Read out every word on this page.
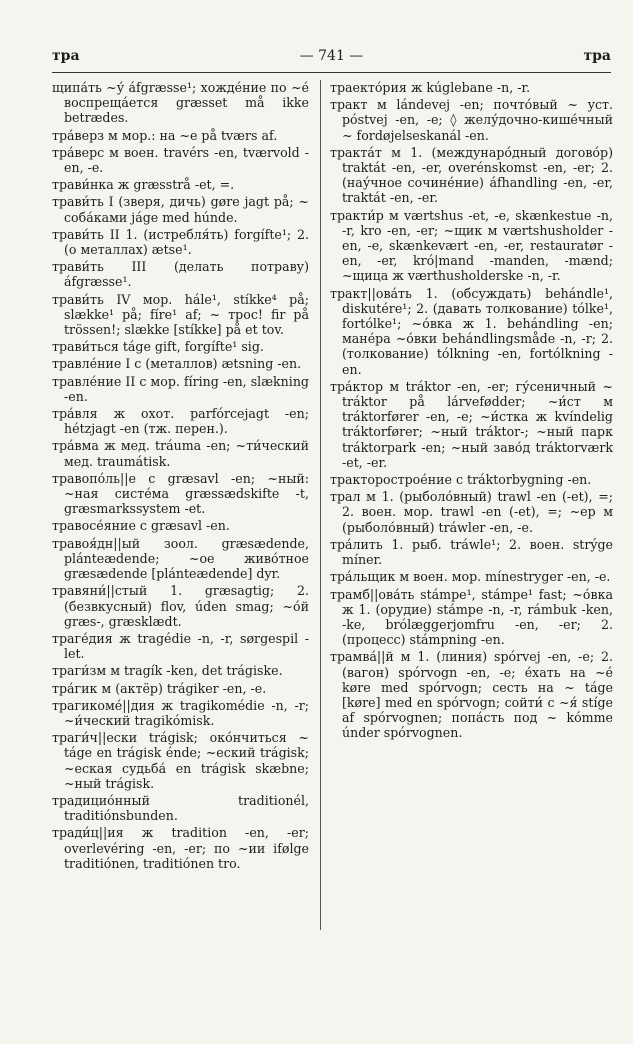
тра	— 741 —	тра

щипа́ть ~у́ áfgræsse¹; хожде́ние по ~е́ воспреща́ется græsset må ikke betrædes.

тра́верз м мор.: на ~е på tværs af.

тра́верс м воен. travérs -en, tværvold -en, -e.

трави́нка ж græsstrå -et, =.

трави́ть I (зверя, дичь) gøre jagt på; ~ соба́ками jáge med húnde.

трави́ть II 1. (истребля́ть) forgífte¹; 2. (о металлах) ætse¹.

трави́ть III (делать потраву) áfgræsse¹.

трави́ть IV мор. hále¹, stíkke⁴ på; slække¹ på; fíre¹ af; ~ трос! fir på trössen!; slække [stíkke] på et tov.

трави́ться táge gift, forgífte¹ sig.

травле́ние I с (металлов) ætsning -en.

травле́ние II с мор. fíring -en, slækning -en.

тра́вля ж охот. parfórcejagt -en; hétzjagt -en (тж. перен.).

тра́вма ж мед. tráuma -en; ~ти́ческий мед. traumátisk.

травопо́ль||е с græsavl -en; ~ный: ~ная систе́ма græssædskifte -t, græsmarkssystem -et.

травосе́яние с græsavl -en.

травоя́дн||ый зоол. græsædende, plánteædende; ~ое живо́тное græsædende [plánteædende] dyr.

травяни́||стый 1. græsagtig; 2. (безвкусный) flov, úden smag; ~о́й græs-, græsklædt.

траге́дия ж tragédie -n, -r, sørgespil -let.

траги́зм м tragík -ken, det trágiske.

тра́гик м (актёр) trágiker -en, -e.

трагикоме́||дия ж tragikomédie -n, -r; ~и́ческий tragikómisk.

траги́ч||ески trágisk; око́нчиться ~ táge en trágisk énde; ~еский trágisk; ~еская судьба́ en trágisk skæbne; ~ный trágisk.

традицио́нный traditionél, traditiónsbunden.

тради́ц||ия ж tradition -en, -er; overlevéring -en, -er; по ~ии ifølge traditiónen, traditiónen tro.

траекто́рия ж kúglebane -n, -r.

тракт м lándevej -en; почто́вый ~ уст. póstvej -en, -e; ◊ желу́дочно-кише́чный ~ fordøjelseskanál -en.

тракта́т м 1. (междунаро́дный догово́р) traktát -en, -er, overénskomst -en, -er; 2. (нау́чное сочине́ние) áfhandling -en, -er, traktát -en, -er.

тракти́р м værtshus -et, -e, skænkestue -n, -r, kro -en, -er; ~щик м værtshusholder -en, -e, skænkevært -en, -er, restauratør -en, -er, kró|mand -manden, -mænd; ~щица ж værthusholderske -n, -r.

тракт||ова́ть 1. (обсуждать) behándle¹, diskutére¹; 2. (давать толкование) tólke¹, fortólke¹; ~о́вка ж 1. behándling -en; мане́ра ~о́вки behándlingsmåde -n, -r; 2. (толкование) tólkning -en, fortólkning -en.

тра́ктор м tráktor -en, -er; гу́сеничный ~ tráktor på lárvefødder; ~и́ст м tráktorfører -en, -e; ~и́стка ж kvíndelig tráktorfører; ~ный tráktor-; ~ный парк tráktorpark -en; ~ный заво́д tráktorværk -et, -er.

тракторострое́ние с tráktorbygning -en.

трал м 1. (рыболо́вный) trawl -en (-et), =; 2. воен. мор. trawl -en (-et), =; ~ер м (рыболо́вный) tráwler -en, -e.

тра́лить 1. рыб. tráwle¹; 2. воен. strýge míner.

тра́льщик м воен. мор. mínestryger -en, -e.

трамб||ова́ть stámpe¹, stámpe¹ fast; ~о́вка ж 1. (орудие) stámpe -n, -r, rámbuk -ken, -ke, brólæggerjomfru -en, -er; 2. (процесс) stámpning -en.

трамва́||й м 1. (линия) spórvej -en, -e; 2. (вагон) spórvogn -en, -e; е́хать на ~е́ køre med spórvogn; сесть на ~ táge [køre] med en spórvogn; сойти́ с ~я́ stíge af spórvognen; попа́сть под ~ kómme únder spórvognen.
